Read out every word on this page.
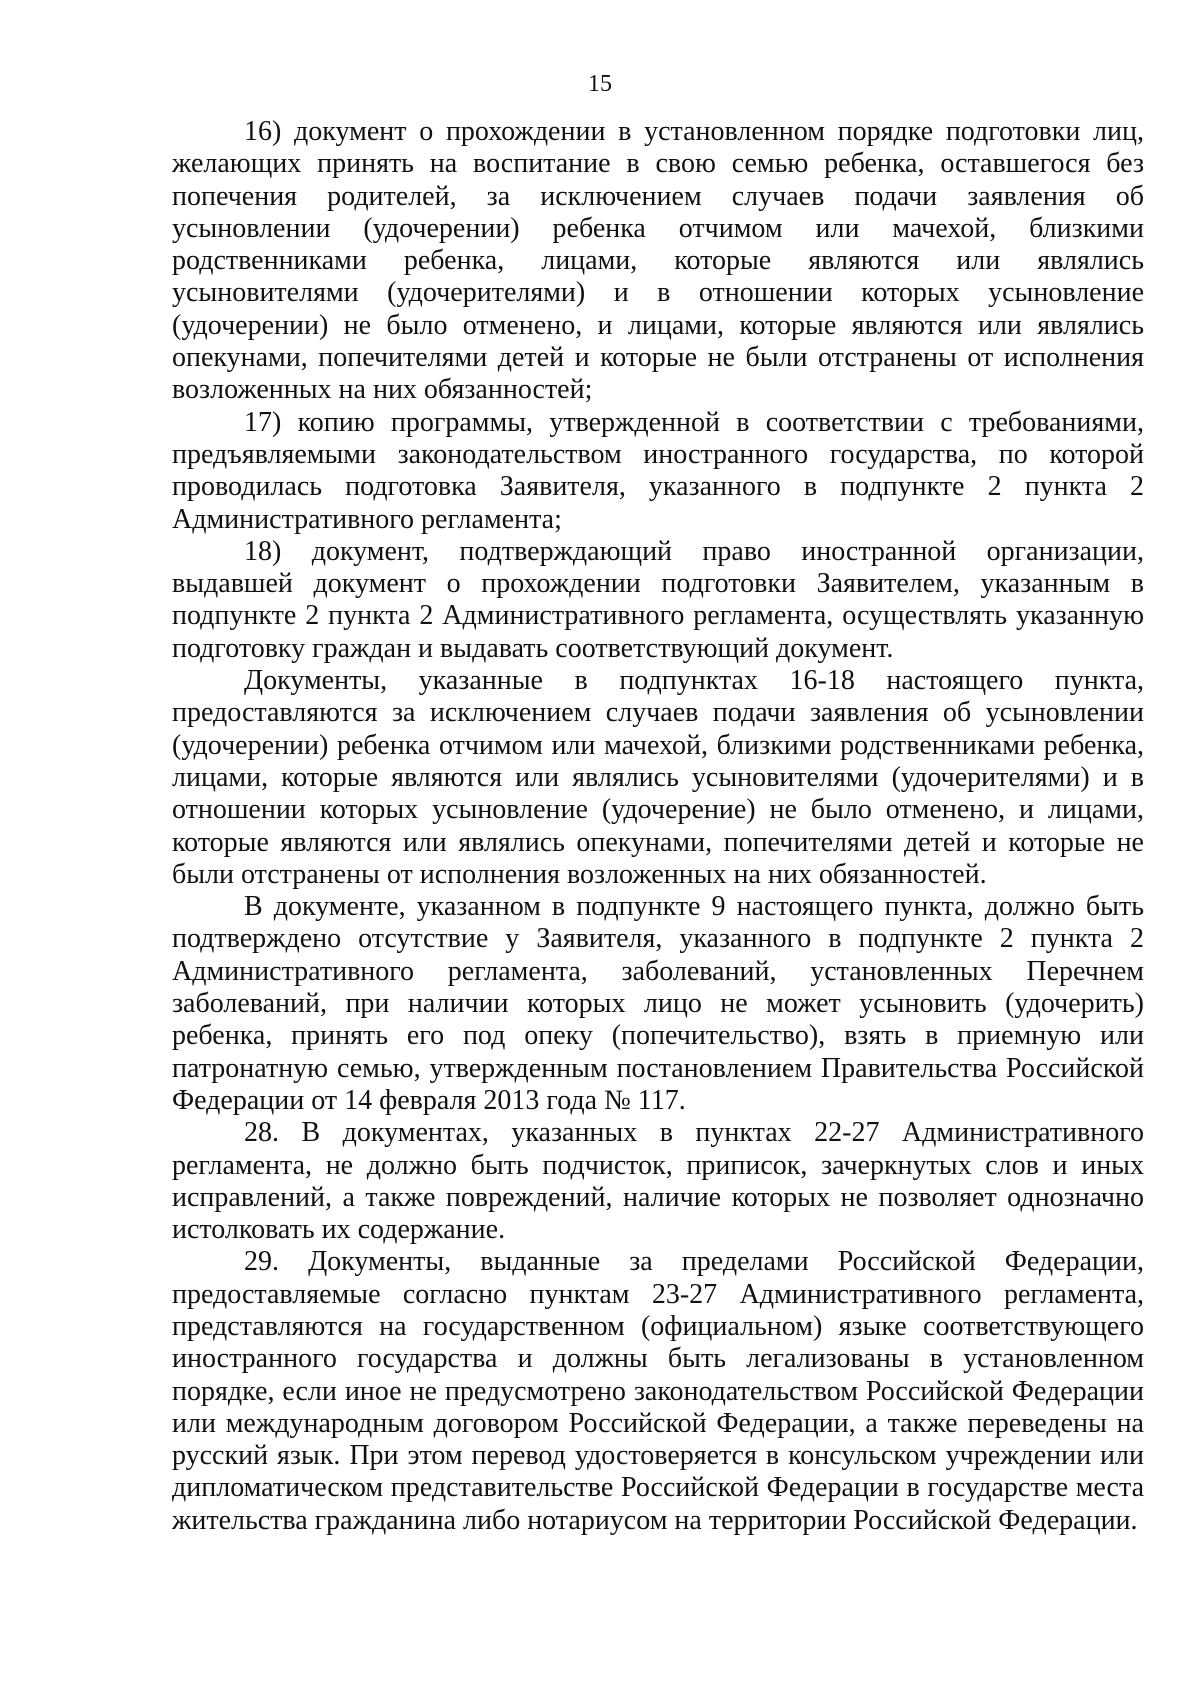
15

16) документ о прохождении в установленном порядке подготовки лиц, желающих принять на воспитание в свою семью ребенка, оставшегося без попечения родителей, за исключением случаев подачи заявления об усыновлении (удочерении) ребенка отчимом или мачехой, близкими родственниками ребенка, лицами, которые являются или являлись усыновителями (удочерителями) и в отношении которых усыновление (удочерении) не было отменено, и лицами, которые являются или являлись опекунами, попечителями детей и которые не были отстранены от исполнения возложенных на них обязанностей;

17) копию программы, утвержденной в соответствии с требованиями, предъявляемыми законодательством иностранного государства, по которой проводилась подготовка Заявителя, указанного в подпункте 2 пункта 2 Административного регламента;

18) документ, подтверждающий право иностранной организации, выдавшей документ о прохождении подготовки Заявителем, указанным в подпункте 2 пункта 2 Административного регламента, осуществлять указанную подготовку граждан и выдавать соответствующий документ.

Документы, указанные в подпунктах 16-18 настоящего пункта, предоставляются за исключением случаев подачи заявления об усыновлении (удочерении) ребенка отчимом или мачехой, близкими родственниками ребенка, лицами, которые являются или являлись усыновителями (удочерителями) и в отношении которых усыновление (удочерение) не было отменено, и лицами, которые являются или являлись опекунами, попечителями детей и которые не были отстранены от исполнения возложенных на них обязанностей.

В документе, указанном в подпункте 9 настоящего пункта, должно быть подтверждено отсутствие у Заявителя, указанного в подпункте 2 пункта 2 Административного регламента, заболеваний, установленных Перечнем заболеваний, при наличии которых лицо не может усыновить (удочерить) ребенка, принять его под опеку (попечительство), взять в приемную или патронатную семью, утвержденным постановлением Правительства Российской Федерации от 14 февраля 2013 года № 117.

28. В документах, указанных в пунктах 22-27 Административного регламента, не должно быть подчисток, приписок, зачеркнутых слов и иных исправлений, а также повреждений, наличие которых не позволяет однозначно истолковать их содержание.

29. Документы, выданные за пределами Российской Федерации, предоставляемые согласно пунктам 23-27 Административного регламента, представляются на государственном (официальном) языке соответствующего иностранного государства и должны быть легализованы в установленном порядке, если иное не предусмотрено законодательством Российской Федерации или международным договором Российской Федерации, а также переведены на русский язык. При этом перевод удостоверяется в консульском учреждении или дипломатическом представительстве Российской Федерации в государстве места жительства гражданина либо нотариусом на территории Российской Федерации.
